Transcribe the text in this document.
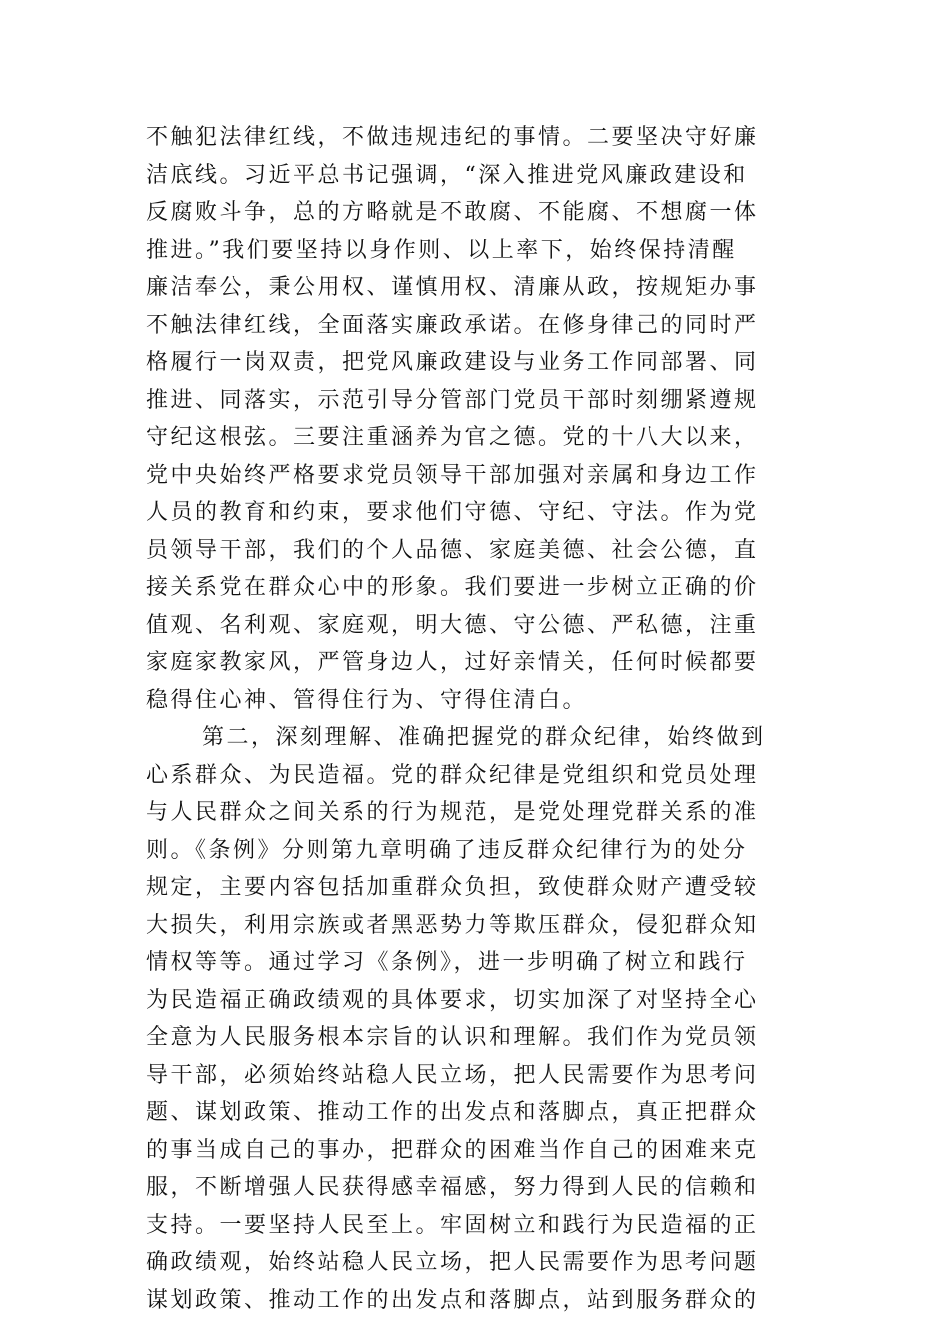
不触犯法律红线，不做违规违纪的事情。二要坚决守好廉
洁底线。习近平总书记强调，“深入推进党风廉政建设和
反腐败斗争，总的方略就是不敢腐、不能腐、不想腐一体
推进。”我们要坚持以身作则、以上率下，始终保持清醒
廉洁奉公，秉公用权、谨慎用权、清廉从政，按规矩办事
不触法律红线，全面落实廉政承诺。在修身律己的同时严
格履行一岗双责，把党风廉政建设与业务工作同部署、同
推进、同落实，示范引导分管部门党员干部时刻绷紧遵规
守纪这根弦。三要注重涵养为官之德。党的十八大以来，
党中央始终严格要求党员领导干部加强对亲属和身边工作
人员的教育和约束，要求他们守德、守纪、守法。作为党
员领导干部，我们的个人品德、家庭美德、社会公德，直
接关系党在群众心中的形象。我们要进一步树立正确的价
值观、名利观、家庭观，明大德、守公德、严私德，注重
家庭家教家风，严管身边人，过好亲情关，任何时候都要
稳得住心神、管得住行为、守得住清白。
第二，深刻理解、准确把握党的群众纪律，始终做到
心系群众、为民造福。党的群众纪律是党组织和党员处理
与人民群众之间关系的行为规范，是党处理党群关系的准
则。《条例》分则第九章明确了违反群众纪律行为的处分
规定，主要内容包括加重群众负担，致使群众财产遭受较
大损失，利用宗族或者黑恶势力等欺压群众，侵犯群众知
情权等等。通过学习《条例》，进一步明确了树立和践行
为民造福正确政绩观的具体要求，切实加深了对坚持全心
全意为人民服务根本宗旨的认识和理解。我们作为党员领
导干部，必须始终站稳人民立场，把人民需要作为思考问
题、谋划政策、推动工作的出发点和落脚点，真正把群众
的事当成自己的事办，把群众的困难当作自己的困难来克
服，不断增强人民获得感幸福感，努力得到人民的信赖和
支持。一要坚持人民至上。牢固树立和践行为民造福的正
确政绩观，始终站稳人民立场，把人民需要作为思考问题
谋划政策、推动工作的出发点和落脚点，站到服务群众的
